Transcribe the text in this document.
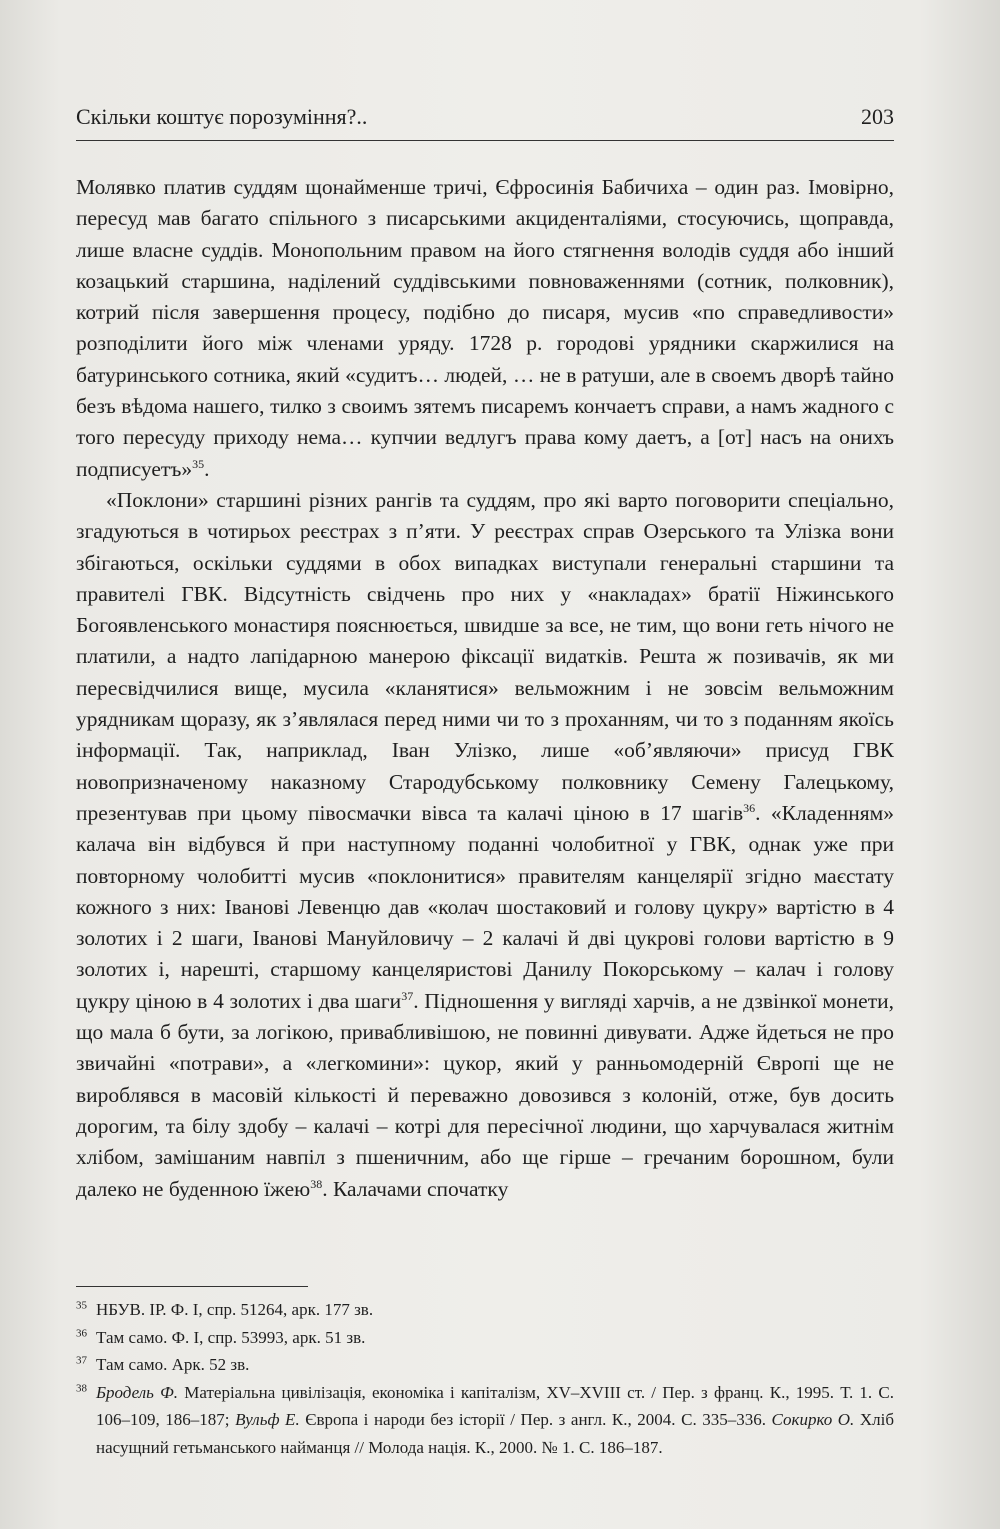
Скільки коштує порозуміння?..	203

Молявко платив суддям щонайменше тричі, Єфросинія Бабичиха – один раз. Імовірно, пересуд мав багато спільного з писарськими акциденталіями, стосуючись, щоправда, лише власне суддів. Монопольним правом на його стягнення володів суддя або інший козацький старшина, наділений суддівськими повноваженнями (сотник, полковник), котрий після завершення процесу, подібно до писаря, мусив «по справедливости» розподілити його між членами уряду. 1728 р. городові урядники скаржилися на батуринського сотника, який «судитъ… людей, … не в ратуши, але в своемъ дворѣ тайно безъ вѣдома нашего, тилко з своимъ зятемъ писаремъ кончаетъ справи, а намъ жадного с того пересуду приходу нема… купчии ведлугъ права кому даетъ, а [от] насъ на онихъ подписуетъ»$^{35}$.

«Поклони» старшині різних рангів та суддям, про які варто поговорити спеціально, згадуються в чотирьох реєстрах з п’яти. У реєстрах справ Озерського та Улізка вони збігаються, оскільки суддями в обох випадках виступали генеральні старшини та правителі ГВК. Відсутність свідчень про них у «накладах» братії Ніжинського Богоявленського монастиря пояснюється, швидше за все, не тим, що вони геть нічого не платили, а надто лапідарною манерою фіксації видатків. Решта ж позивачів, як ми пересвідчилися вище, мусила «кланятися» вельможним і не зовсім вельможним урядникам щоразу, як з’являлася перед ними чи то з проханням, чи то з поданням якоїсь інформації. Так, наприклад, Іван Улізко, лише «об’являючи» присуд ГВК новопризначеному наказному Стародубському полковнику Семену Галецькому, презентував при цьому півосмачки вівса та калачі ціною в 17 шагів$^{36}$. «Кладенням» калача він відбувся й при наступному поданні чолобитної у ГВК, однак уже при повторному чолобитті мусив «поклонитися» правителям канцелярії згідно маєстату кожного з них: Іванові Левенцю дав «колач шостаковий и голову цукру» вартістю в 4 золотих і 2 шаги, Іванові Мануйловичу – 2 калачі й дві цукрові голови вартістю в 9 золотих і, нарешті, старшому канцеляристові Данилу Покорському – калач і голову цукру ціною в 4 золотих і два шаги$^{37}$. Підношення у вигляді харчів, а не дзвінкої монети, що мала б бути, за логікою, привабливішою, не повинні дивувати. Адже йдеться не про звичайні «потрави», а «легкомини»: цукор, який у ранньомодерній Європі ще не вироблявся в масовій кількості й переважно довозився з колоній, отже, був досить дорогим, та білу здобу – калачі – котрі для пересічної людини, що харчувалася житнім хлібом, замішаним навпіл з пшеничним, або ще гірше – гречаним борошном, були далеко не буденною їжею$^{38}$. Калачами спочатку

$^{35}$ НБУВ. ІР. Ф. І, спр. 51264, арк. 177 зв.
$^{36}$ Там само. Ф. І, спр. 53993, арк. 51 зв.
$^{37}$ Там само. Арк. 52 зв.
$^{38}$ Бродель Ф. Матеріальна цивілізація, економіка і капіталізм, XV–XVIII ст. / Пер. з франц. К., 1995. Т. 1. С. 106–109, 186–187; Вульф Е. Європа і народи без історії / Пер. з англ. К., 2004. С. 335–336. Сокирко О. Хліб насущний гетьманського найманця // Молода нація. К., 2000. № 1. С. 186–187.
